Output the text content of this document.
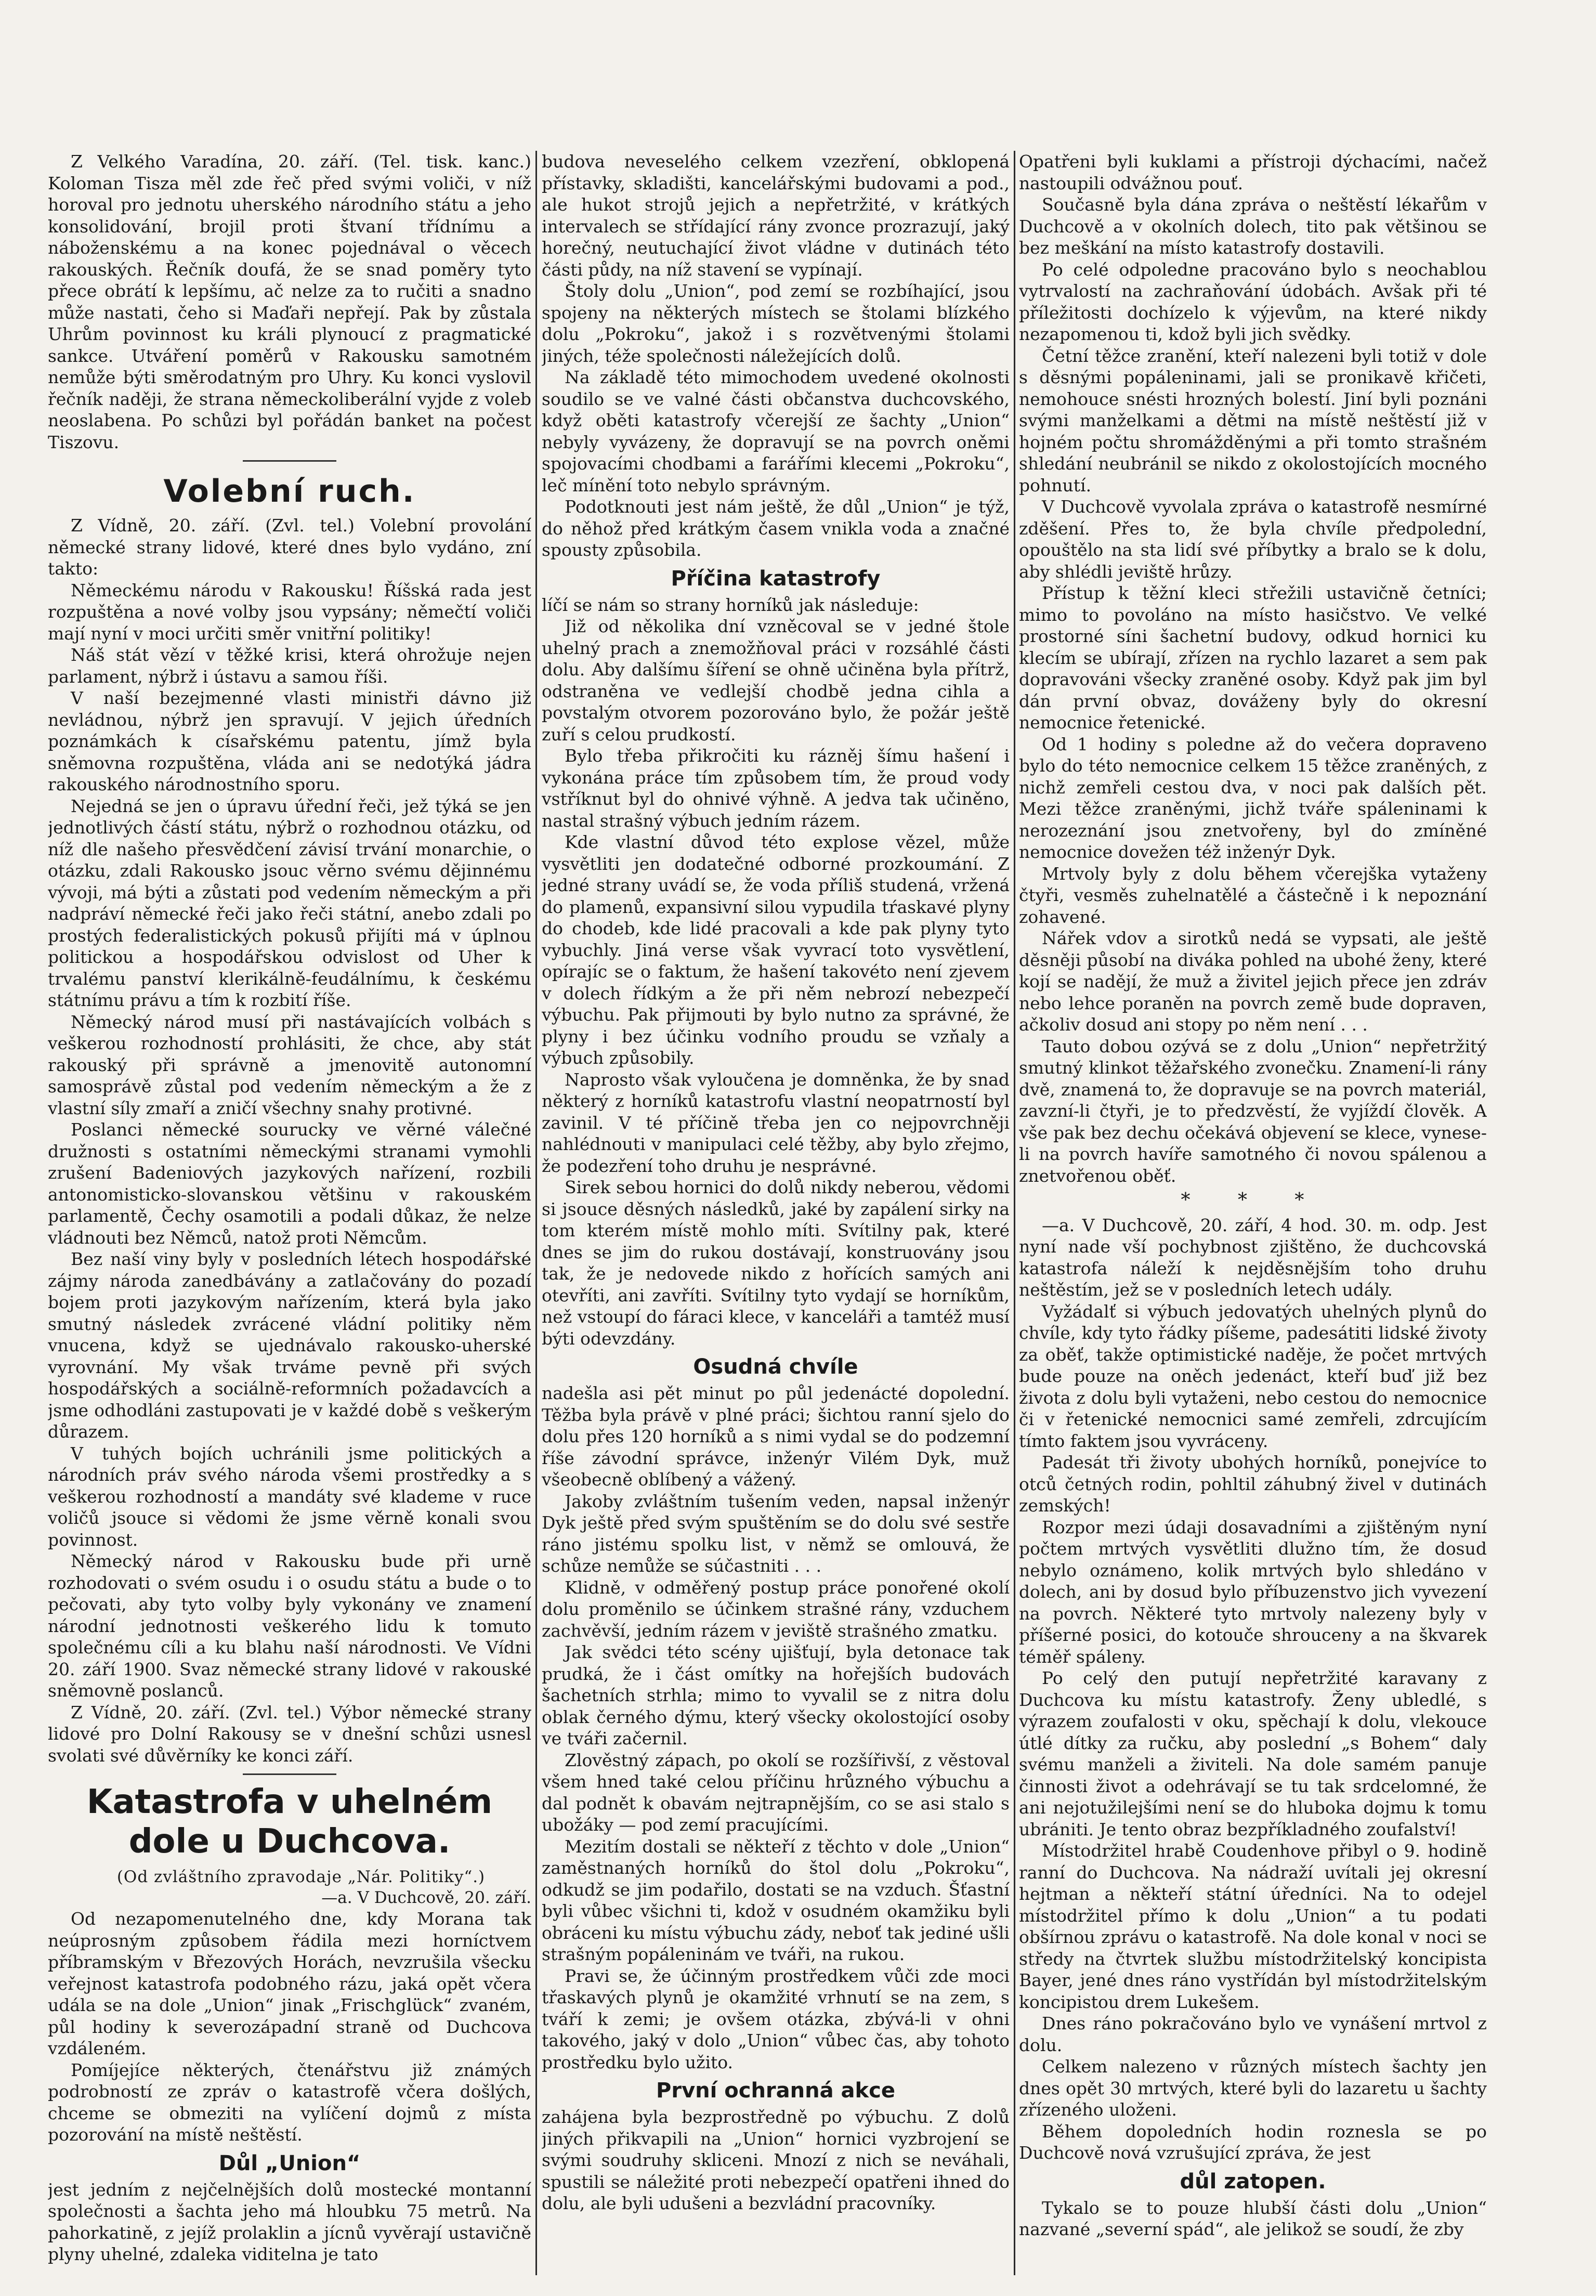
Z Velkého Varadína, 20. září. (Tel. tisk. kanc.) Koloman Tisza měl zde řeč před svými voliči, v níž horoval pro jednotu uherského národního státu a jeho konsolidování, brojil proti štvaní třídnímu a náboženskému a na konec pojednával o věcech rakouských. Řečník doufá, že se snad poměry tyto přece obrátí k lepšímu, ač nelze za to ručiti a snadno může nastati, čeho si Maďaři nepřejí. Pak by zůstala Uhrům povinnost ku králi plynoucí z pragmatické sankce. Utváření poměrů v Rakousku samotném nemůže býti směrodatným pro Uhry. Ku konci vyslovil řečník naději, že strana německoliberální vyjde z voleb neoslabena. Po schůzi byl pořádán banket na počest Tiszovu.

Volební ruch.

Z Vídně, 20. září. (Zvl. tel.) Volební provolání německé strany lidové, které dnes bylo vydáno, zní takto:

Německému národu v Rakousku! Říšská rada jest rozpuštěna a nové volby jsou vypsány; němečtí voliči mají nyní v moci určiti směr vnitřní politiky!

Náš stát vězí v těžké krisi, která ohrožuje nejen parlament, nýbrž i ústavu a samou říši.

V naší bezejmenné vlasti ministři dávno již nevládnou, nýbrž jen spravují. V jejich úředních poznámkách k císařskému patentu, jímž byla sněmovna rozpuštěna, vláda ani se nedotýká jádra rakouského národnostního sporu.

Nejedná se jen o úpravu úřední řeči, jež týká se jen jednotlivých částí státu, nýbrž o rozhodnou otázku, od níž dle našeho přesvědčení závisí trvání monarchie, o otázku, zdali Rakousko jsouc věrno svému dějinnému vývoji, má býti a zůstati pod vedením německým a při nadpráví německé řeči jako řeči státní, anebo zdali po prostých federalistických pokusů přijíti má v úplnou politickou a hospodářskou odvislost od Uher k trvalému panství klerikálně-feudálnímu, k českému státnímu právu a tím k rozbití říše.

Německý národ musí při nastávajících volbách s veškerou rozhodností prohlásiti, že chce, aby stát rakouský při správně a jmenovitě autonomní samosprávě zůstal pod vedením německým a že z vlastní síly zmaří a zničí všechny snahy protivné.

Poslanci německé sourucky ve věrné válečné družnosti s ostatními německými stranami vymohli zrušení Badeniových jazykových nařízení, rozbili antonomisticko-slovanskou většinu v rakouském parlamentě, Čechy osamotili a podali důkaz, že nelze vládnouti bez Němců, natož proti Němcům.

Bez naší viny byly v posledních létech hospodářské zájmy národa zanedbávány a zatlačovány do pozadí bojem proti jazykovým nařízením, která byla jako smutný následek zvrácené vládní politiky něm vnucena, když se ujednávalo rakousko-uherské vyrovnání. My však trváme pevně při svých hospodářských a sociálně-reformních požadavcích a jsme odhodláni zastupovati je v každé době s veškerým důrazem.

V tuhých bojích uchránili jsme politických a národních práv svého národa všemi prostředky a s veškerou rozhodností a mandáty své klademe v ruce voličů jsouce si vědomi že jsme věrně konali svou povinnost.

Německý národ v Rakousku bude při urně rozhodovati o svém osudu i o osudu státu a bude o to pečovati, aby tyto volby byly vykonány ve znamení národní jednotnosti veškerého lidu k tomuto společnému cíli a ku blahu naší národnosti. Ve Vídni 20. září 1900. Svaz německé strany lidové v rakouské sněmovně poslanců.

Z Vídně, 20. září. (Zvl. tel.) Výbor německé strany lidové pro Dolní Rakousy se v dnešní schůzi usnesl svolati své důvěrníky ke konci září.

Katastrofa v uhelném dole u Duchcova.

(Od zvláštního zpravodaje „Nár. Politiky“.)

—a. V Duchcově, 20. září.

Od nezapomenutelného dne, kdy Morana tak neúprosným způsobem řádila mezi horníctvem příbramským v Březových Horách, nevzrušila všecku veřejnost katastrofa podobného rázu, jaká opět včera udála se na dole „Union“ jinak „Frischglück“ zvaném, půl hodiny k severozápadní straně od Duchcova vzdáleném.

Pomíjejíce některých, čtenářstvu již známých podrobností ze zpráv o katastrofě včera došlých, chceme se obmeziti na vylíčení dojmů z místa pozorování na místě neštěstí.

Důl „Union“

jest jedním z nejčelnějších dolů mostecké montanní společnosti a šachta jeho má hloubku 75 metrů. Na pahorkatině, z jejíž prolaklin a jícnů vyvěrají ustavičně plyny uhelné, zdaleka viditelna je tato

budova neveselého celkem vzezření, obklopená přístavky, skladišti, kancelářskými budovami a pod., ale hukot strojů jejich a nepřetržité, v krátkých intervalech se střídající rány zvonce prozrazují, jaký horečný, neutuchající život vládne v dutinách této části půdy, na níž stavení se vypínají.

Štoly dolu „Union“, pod zemí se rozbíhající, jsou spojeny na některých místech se štolami blízkého dolu „Pokroku“, jakož i s rozvětvenými štolami jiných, téže společnosti náležejících dolů.

Na základě této mimochodem uvedené okolnosti soudilo se ve valné části občanstva duchcovského, když oběti katastrofy včerejší ze šachty „Union“ nebyly vyvázeny, že dopravují se na povrch oněmi spojovacími chodbami a farářími klecemi „Pokroku“, leč mínění toto nebylo správným.

Podotknouti jest nám ještě, že důl „Union“ je týž, do něhož před krátkým časem vnikla voda a značné spousty způsobila.

Příčina katastrofy

líčí se nám so strany horníků jak následuje:

Již od několika dní vzněcoval se v jedné štole uhelný prach a znemožňoval práci v rozsáhlé části dolu. Aby dalšímu šíření se ohně učiněna byla přítrž, odstraněna ve vedlejší chodbě jedna cihla a povstalým otvorem pozorováno bylo, že požár ještě zuří s celou prudkostí.

Bylo třeba přikročiti ku rázněj šímu hašení i vykonána práce tím způsobem tím, že proud vody vstříknut byl do ohnivé výhně. A jedva tak učiněno, nastal strašný výbuch jedním rázem.

Kde vlastní důvod této explose vězel, může vysvětliti jen dodatečné odborné prozkoumání. Z jedné strany uvádí se, že voda příliš studená, vržená do plamenů, expansivní silou vypudila tŕaskavé plyny do chodeb, kde lidé pracovali a kde pak plyny tyto vybuchly. Jiná verse však vyvrací toto vysvětlení, opírajíc se o faktum, že hašení takovéto není zjevem v dolech řídkým a že při něm nebrozí nebezpečí výbuchu. Pak přijmouti by bylo nutno za správné, že plyny i bez účinku vodního proudu se vzňaly a výbuch způsobily.

Naprosto však vyloučena je domněnka, že by snad některý z horníků katastrofu vlastní neopatrností byl zavinil. V té příčině třeba jen co nejpovrchněji nahlédnouti v manipulaci celé těžby, aby bylo zřejmo, že podezření toho druhu je nesprávné.

Sirek sebou hornici do dolů nikdy neberou, vědomi si jsouce děsných následků, jaké by zapálení sirky na tom kterém místě mohlo míti. Svítilny pak, které dnes se jim do rukou dostávají, konstruovány jsou tak, že je nedovede nikdo z hořících samých ani otevříti, ani zavříti. Svítilny tyto vydají se horníkům, než vstoupí do fáraci klece, v kanceláři a tamtéž musí býti odevzdány.

Osudná chvíle

nadešla asi pět minut po půl jedenácté dopolední. Těžba byla právě v plné práci; šichtou ranní sjelo do dolu přes 120 horníků a s nimi vydal se do podzemní říše závodní správce, inženýr Vilém Dyk, muž všeobecně oblíbený a vážený.

Jakoby zvláštním tušením veden, napsal inženýr Dyk ještě před svým spuštěním se do dolu své sestře ráno jistému spolku list, v němž se omlouvá, že schůze nemůže se súčastniti . . .

Klidně, v odměřený postup práce ponořené okolí dolu proměnilo se účinkem strašné rány, vzduchem zachvěvší, jedním rázem v jeviště strašného zmatku.

Jak svědci této scény ujišťují, byla detonace tak prudká, že i část omítky na hořejších budovách šachetních strhla; mimo to vyvalil se z nitra dolu oblak černého dýmu, který všecky okolostojící osoby ve tváři začernil.

Zlověstný zápach, po okolí se rozšířivší, z věstoval všem hned také celou příčinu hrůzného výbuchu a dal podnět k obavám nejtrapnějším, co se asi stalo s ubožáky — pod zemí pracujícími.

Mezitím dostali se někteří z těchto v dole „Union“ zaměstnaných horníků do štol dolu „Pokroku“, odkudž se jim podařilo, dostati se na vzduch. Šťastní byli vůbec všichni ti, kdož v osudném okamžiku byli obráceni ku místu výbuchu zády, neboť tak jediné ušli strašným popáleninám ve tváři, na rukou.

Pravi se, že účinným prostředkem vůči zde moci třaskavých plynů je okamžité vrhnutí se na zem, s tváří k zemi; je ovšem otázka, zbývá-li v ohni takového, jaký v dolo „Union“ vůbec čas, aby tohoto prostředku bylo užito.

První ochranná akce

zahájena byla bezprostředně po výbuchu. Z dolů jiných přikvapili na „Union“ hornici vyzbrojení se svými soudruhy skliceni. Mnozí z nich se neváhali, spustili se náležité proti nebezpečí opatřeni ihned do dolu, ale byli udušeni a bezvládní pracovníky.

Opatřeni byli kuklami a přístroji dýchacími, načež nastoupili odvážnou pouť.

Současně byla dána zpráva o neštěstí lékařům v Duchcově a v okolních dolech, tito pak většinou se bez meškání na místo katastrofy dostavili.

Po celé odpoledne pracováno bylo s neochablou vytrvalostí na zachraňování údobách. Avšak při té příležitosti dochízelo k výjevům, na které nikdy nezapomenou ti, kdož byli jich svědky.

Četní těžce zranění, kteří nalezeni byli totiž v dole s děsnými popáleninami, jali se pronikavě křičeti, nemohouce snésti hrozných bolestí. Jiní byli poznáni svými manželkami a dětmi na místě neštěstí již v hojném počtu shromážděnými a při tomto strašném shledání neubránil se nikdo z okolostojících mocného pohnutí.

V Duchcově vyvolala zpráva o katastrofě nesmírné zděšení. Přes to, že byla chvíle předpolední, opouštělo na sta lidí své příbytky a bralo se k dolu, aby shlédli jeviště hrůzy.

Přístup k těžní kleci střežili ustavičně četníci; mimo to povoláno na místo hasičstvo. Ve velké prostorné síni šachetní budovy, odkud hornici ku klecím se ubírají, zřízen na rychlo lazaret a sem pak dopravováni všecky zraněné osoby. Když pak jim byl dán první obvaz, dováženy byly do okresní nemocnice řetenické.

Od 1 hodiny s poledne až do večera dopraveno bylo do této nemocnice celkem 15 těžce zraněných, z nichž zemřeli cestou dva, v noci pak dalších pět. Mezi těžce zraněnými, jichž tváře spáleninami k nerozeznání jsou znetvořeny, byl do zmíněné nemocnice dovežen též inženýr Dyk.

Mrtvoly byly z dolu během včerejška vytaženy čtyři, vesměs zuhelnatělé a částečně i k nepoznání zohavené.

Nářek vdov a sirotků nedá se vypsati, ale ještě děsněji působí na diváka pohled na ubohé ženy, které kojí se nadějí, že muž a živitel jejich přece jen zdráv nebo lehce poraněn na povrch země bude dopraven, ačkoliv dosud ani stopy po něm není . . .

Tauto dobou ozývá se z dolu „Union“ nepřetržitý smutný klinkot těžařského zvonečku. Znamení-li rány dvě, znamená to, že dopravuje se na povrch materiál, zavzní-li čtyři, je to předzvěstí, že vyjíždí člověk. A vše pak bez dechu očekává objevení se klece, vynese-li na povrch havíře samotného či novou spálenou a znetvořenou oběť.

* * *

—a. V Duchcově, 20. září, 4 hod. 30. m. odp. Jest nyní nade vší pochybnost zjištěno, že duchcovská katastrofa náleží k nejděsnějším toho druhu neštěstím, jež se v posledních letech udály.

Vyžádalť si výbuch jedovatých uhelných plynů do chvíle, kdy tyto řádky píšeme, padesátiti lidské životy za oběť, takže optimistické naděje, že počet mrtvých bude pouze na oněch jedenáct, kteří buď již bez života z dolu byli vytaženi, nebo cestou do nemocnice či v řetenické nemocnici samé zemřeli, zdrcujícím tímto faktem jsou vyvráceny.

Padesát tři životy ubohých horníků, ponejvíce to otců četných rodin, pohltil záhubný živel v dutinách zemských!

Rozpor mezi údaji dosavadními a zjištěným nyní počtem mrtvých vysvětliti dlužno tím, že dosud nebylo oznámeno, kolik mrtvých bylo shledáno v dolech, ani by dosud bylo příbuzenstvo jich vyvezení na povrch. Některé tyto mrtvoly nalezeny byly v příšerné posici, do kotouče shrouceny a na škvarek téměř spáleny.

Po celý den putují nepřetržité karavany z Duchcova ku místu katastrofy. Ženy ubledlé, s výrazem zoufalosti v oku, spěchají k dolu, vlekouce útlé dítky za ručku, aby poslední „s Bohem“ daly svému manželi a živiteli. Na dole samém panuje činnosti život a odehrávají se tu tak srdcelomné, že ani nejotužilejšími není se do hluboka dojmu k tomu ubrániti. Je tento obraz bezpříkladného zoufalství!

Místodržitel hrabě Coudenhove přibyl o 9. hodině ranní do Duchcova. Na nádraží uvítali jej okresní hejtman a někteří státní úředníci. Na to odejel místodržitel přímo k dolu „Union“ a tu podati obšírnou zprávu o katastrofě. Na dole konal v noci se středy na čtvrtek službu místodržitelský koncipista Bayer, jené dnes ráno vystřídán byl místodržitelským koncipistou drem Lukešem.

Dnes ráno pokračováno bylo ve vynášení mrtvol z dolu.

Celkem nalezeno v různých místech šachty jen dnes opět 30 mrtvých, které byli do lazaretu u šachty zřízeného uloženi.

Během dopoledních hodin roznesla se po Duchcově nová vzrušující zpráva, že jest

důl zatopen.

Tykalo se to pouze hlubší části dolu „Union“ nazvané „severní spád“, ale jelikož se soudí, že zby
